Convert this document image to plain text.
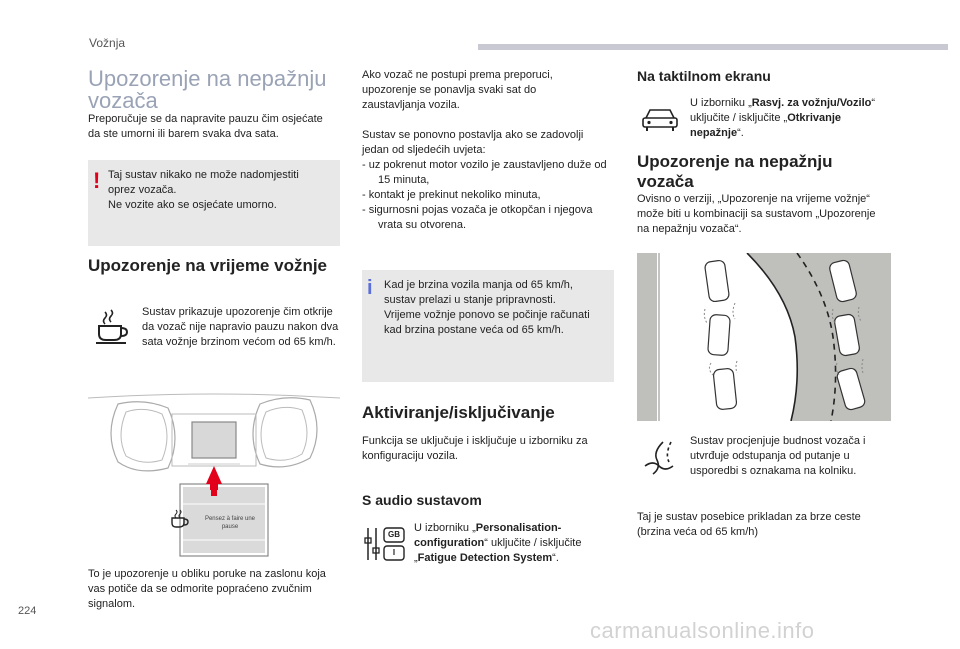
Vožnja
Upozorenje na nepažnju vozača
Preporučuje se da napravite pauzu čim osjećate da ste umorni ili barem svaka dva sata.
! Taj sustav nikako ne može nadomjestiti oprez vozača.

Ne vozite ako se osjećate umorno.

Upozorenje na vrijeme vožnje
Sustav prikazuje upozorenje čim otkrije da vozač nije napravio pauzu nakon dva sata vožnje brzinom većom od 65 km/h.
Pensez à faire une pause
To je upozorenje u obliku poruke na zaslonu koja vas potiče da se odmorite popraćeno zvučnim signalom.
Ako vozač ne postupi prema preporuci, upozorenje se ponavlja svaki sat do zaustavljanja vozila.

Sustav se ponovno postavlja ako se zadovolji jedan od sljedećih uvjeta:

- uz pokrenut motor vozilo je zaustavljeno duže od 15 minuta,
- kontakt je prekinut nekoliko minuta,
- sigurnosni pojas vozača je otkopčan i njegova vrata su otvorena.
i Kad je brzina vozila manja od 65 km/h, sustav prelazi u stanje pripravnosti.

Vrijeme vožnje ponovo se počinje računati kad brzina postane veća od 65 km/h.

Aktiviranje/isključivanje
Funkcija se uključuje i isključuje u izborniku za konfiguraciju vozila.
S audio sustavom
GB
I
U izborniku „Personalisation-configuration“ uključite / isključite „Fatigue Detection System“.
Na taktilnom ekranu
U izborniku „Rasvj. za vožnju/Vozilo“ uključite / isključite „Otkrivanje nepažnje“.
Upozorenje na nepažnju vozača
Ovisno o verziji, „Upozorenje na vrijeme vožnje“ može biti u kombinaciji sa sustavom „Upozorenje na nepažnju vozača“.
Sustav procjenjuje budnost vozača i utvrđuje odstupanja od putanje u usporedbi s oznakama na kolniku.
Taj je sustav posebice prikladan za brze ceste (brzina veća od 65 km/h)
224
carmanualsonline.info
